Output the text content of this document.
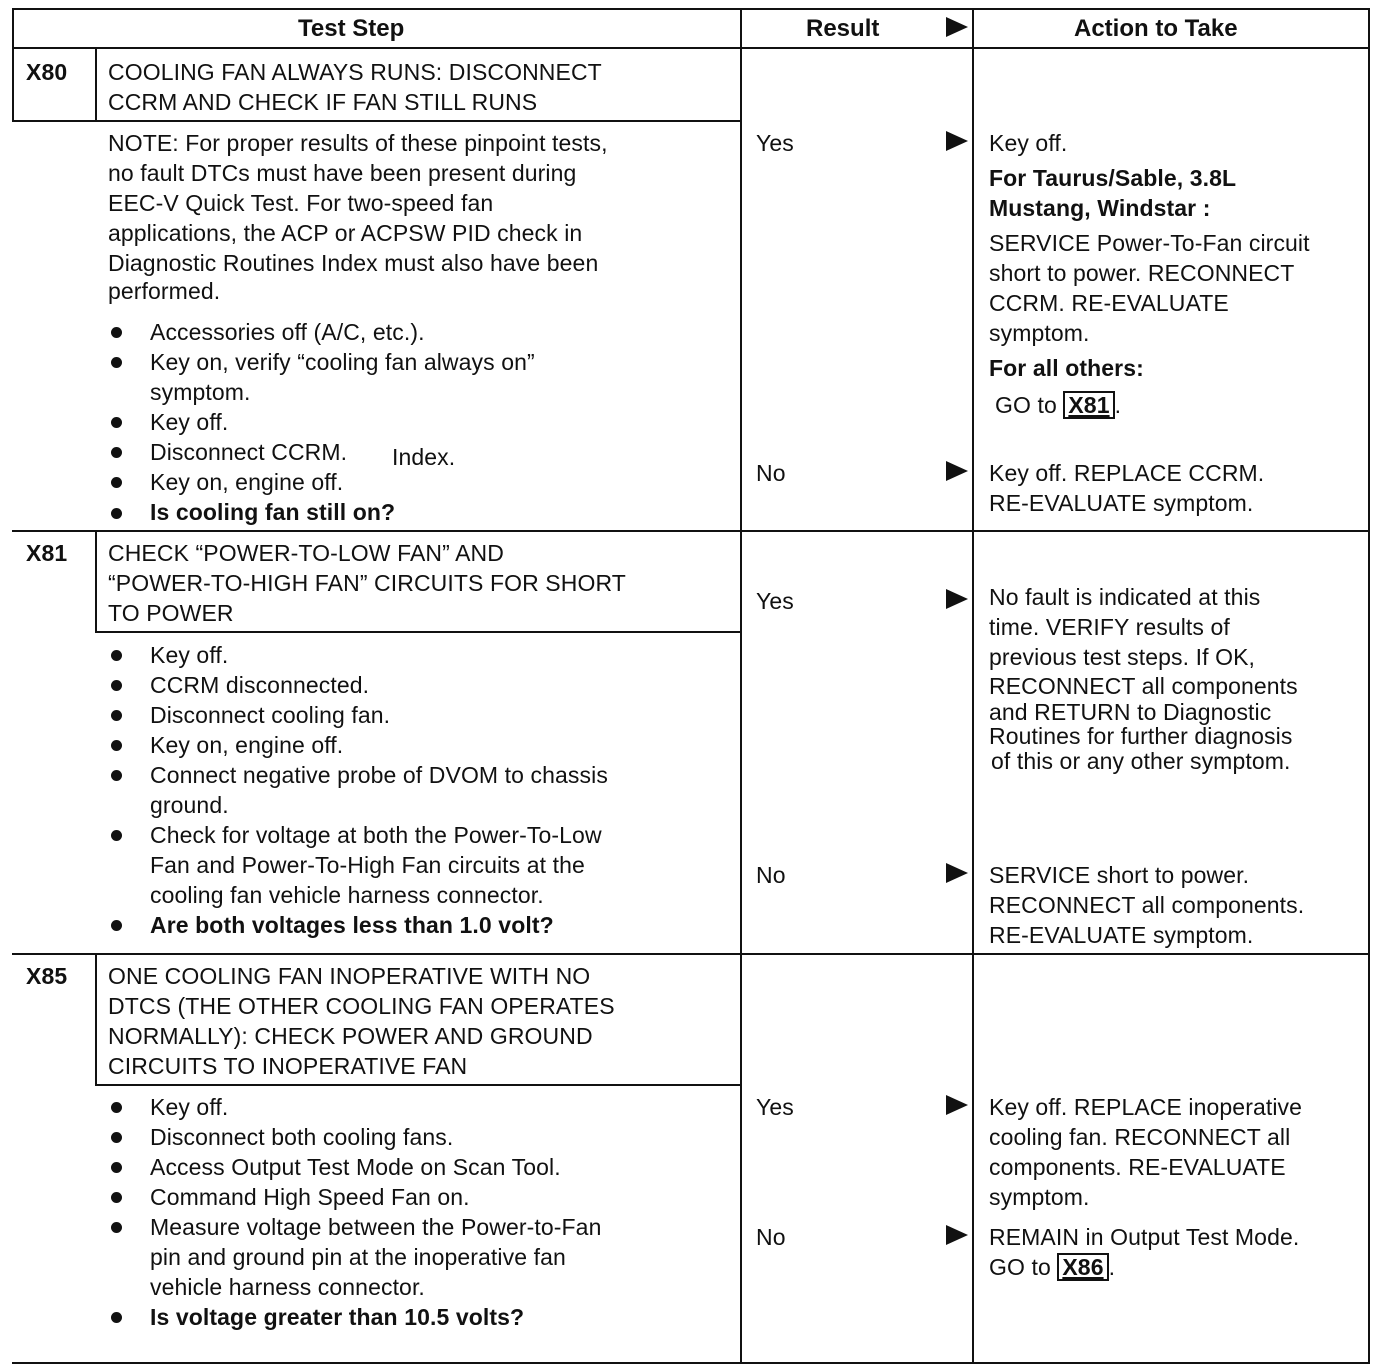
Test Step	Result	Action to Take
X80 COOLING FAN ALWAYS RUNS: DISCONNECT
CCRM AND CHECK IF FAN STILL RUNS
NOTE: For proper results of these pinpoint tests,
no fault DTCs must have been present during
EEC-V Quick Test. For two-speed fan
applications, the ACP or ACPSW PID check in
Diagnostic Routines Index must also have been
performed.
Accessories off (A/C, etc.).
Key on, verify “cooling fan always on”
symptom.
Key off.
Disconnect CCRM. Index.
Key on, engine off.
Is cooling fan still on?
Yes
No
Key off.
For Taurus/Sable, 3.8L
Mustang, Windstar :
SERVICE Power-To-Fan circuit
short to power. RECONNECT
CCRM. RE-EVALUATE
symptom.
For all others:
GO to X81 .
Key off. REPLACE CCRM.
RE-EVALUATE symptom.
X81 CHECK “POWER-TO-LOW FAN” AND
“POWER-TO-HIGH FAN” CIRCUITS FOR SHORT
TO POWER
Key off.
CCRM disconnected.
Disconnect cooling fan.
Key on, engine off.
Connect negative probe of DVOM to chassis
ground.
Check for voltage at both the Power-To-Low
Fan and Power-To-High Fan circuits at the
cooling fan vehicle harness connector.
Are both voltages less than 1.0 volt?
Yes
No
No fault is indicated at this
time. VERIFY results of
previous test steps. If OK,
RECONNECT all components
and RETURN to Diagnostic
Routines for further diagnosis
of this or any other symptom.
SERVICE short to power.
RECONNECT all components.
RE-EVALUATE symptom.
X85 ONE COOLING FAN INOPERATIVE WITH NO
DTCS (THE OTHER COOLING FAN OPERATES
NORMALLY): CHECK POWER AND GROUND
CIRCUITS TO INOPERATIVE FAN
Key off.
Disconnect both cooling fans.
Access Output Test Mode on Scan Tool.
Command High Speed Fan on.
Measure voltage between the Power-to-Fan
pin and ground pin at the inoperative fan
vehicle harness connector.
Is voltage greater than 10.5 volts?
Yes
No
Key off. REPLACE inoperative
cooling fan. RECONNECT all
components. RE-EVALUATE
symptom.
REMAIN in Output Test Mode.
GO to X86 .
